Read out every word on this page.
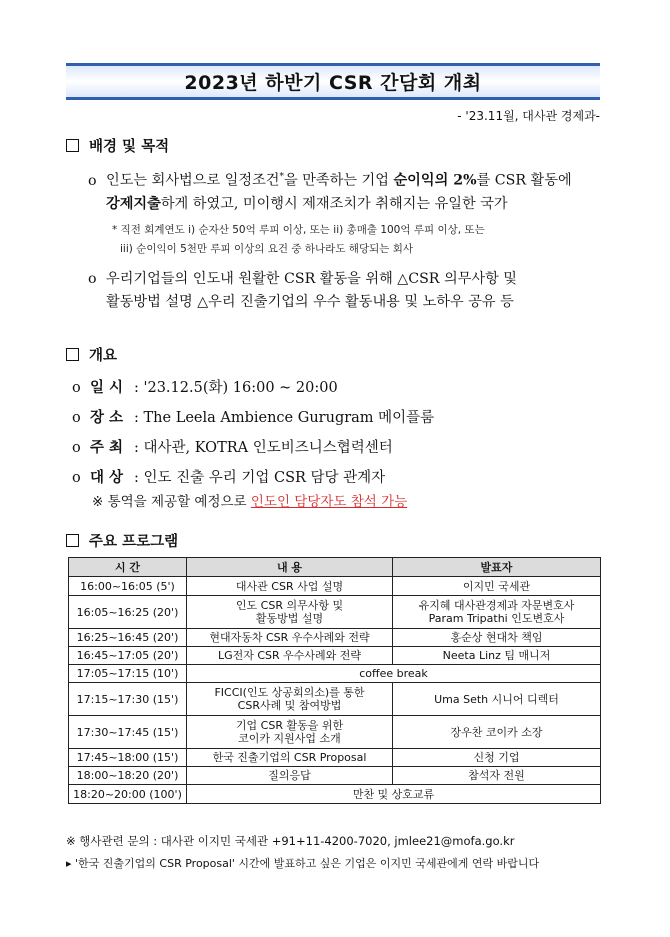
2023년 하반기 CSR 간담회 개최
- '23.11월, 대사관 경제과-
배경 및 목적
o 인도는 회사법으로 일정조건*을 만족하는 기업 순이익의 2%를 CSR 활동에
강제지출하게 하였고, 미이행시 제재조치가 취해지는 유일한 국가
* 직전 회계연도 i) 순자산 50억 루피 이상, 또는 ii) 총매출 100억 루피 이상, 또는
iii) 순이익이 5천만 루피 이상의 요건 중 하나라도 해당되는 회사
o 우리기업들의 인도내 원활한 CSR 활동을 위해 △CSR 의무사항 및
활동방법 설명 △우리 진출기업의 우수 활동내용 및 노하우 공유 등
개요
o 일 시 : '23.12.5(화) 16:00 ~ 20:00
o 장 소 : The Leela Ambience Gurugram 메이플룸
o 주 최 : 대사관, KOTRA 인도비즈니스협력센터
o 대 상 : 인도 진출 우리 기업 CSR 담당 관계자
※ 통역을 제공할 예정으로 인도인 담당자도 참석 가능
주요 프로그램
시 간	내 용	발표자
16:00~16:05 (5')	대사관 CSR 사업 설명	이지민 국세관
16:05~16:25 (20')	인도 CSR 의무사항 및
활동방법 설명	유지혜 대사관경제과 자문변호사
Param Tripathi 인도변호사
16:25~16:45 (20')	현대자동차 CSR 우수사례와 전략	홍순상 현대차 책임
16:45~17:05 (20')	LG전자 CSR 우수사례와 전략	Neeta Linz 팀 매니저
17:05~17:15 (10')	coffee break	
17:15~17:30 (15')	FICCI(인도 상공회의소)를 통한
CSR사례 및 참여방법	Uma Seth 시니어 디렉터
17:30~17:45 (15')	기업 CSR 활동을 위한
코이카 지원사업 소개	장우찬 코이카 소장
17:45~18:00 (15')	한국 진출기업의 CSR Proposal	신청 기업
18:00~18:20 (20')	질의응답	참석자 전원
18:20~20:00 (100')	만찬 및 상호교류	
※ 행사관련 문의 : 대사관 이지민 국세관 +91+11-4200-7020, jmlee21@mofa.go.kr
▸ '한국 진출기업의 CSR Proposal' 시간에 발표하고 싶은 기업은 이지민 국세관에게 연락 바랍니다
